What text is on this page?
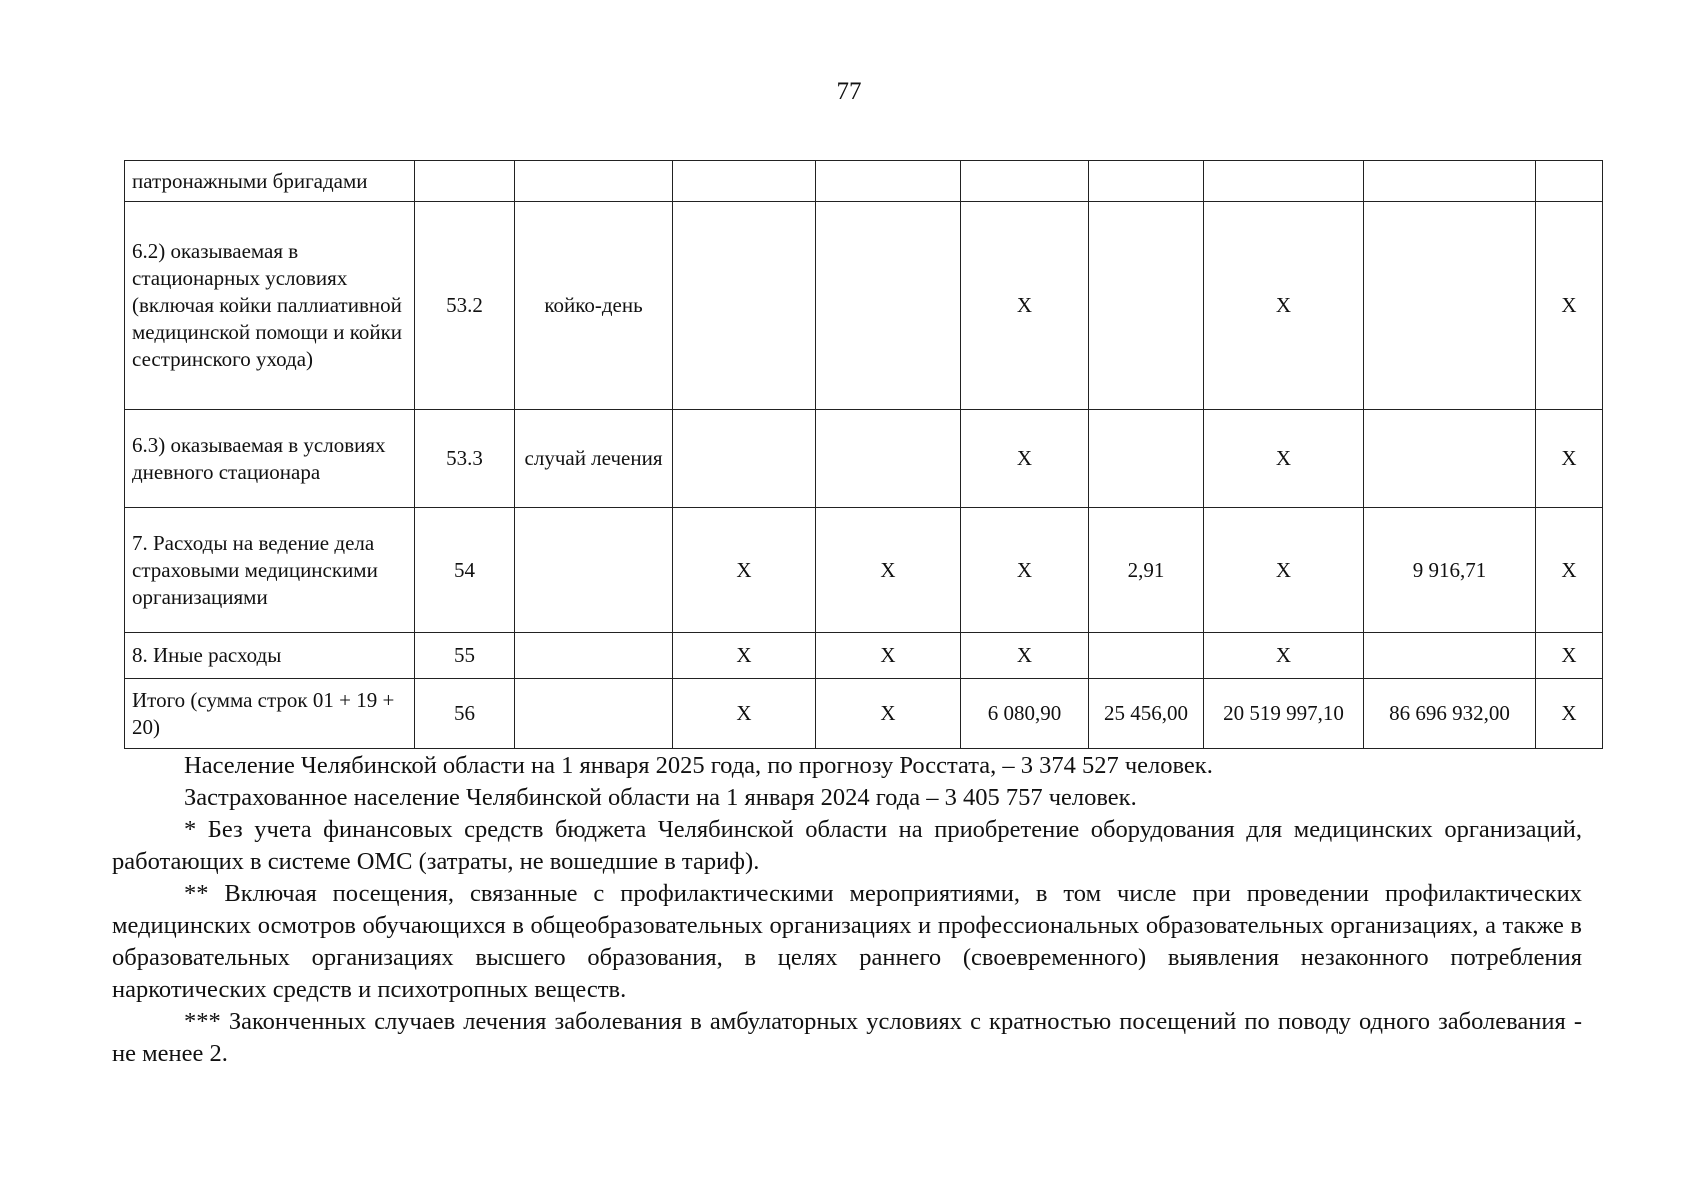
77
патронажными бригадами									
6.2) оказываемая в стационарных условиях (включая койки паллиативной медицинской помощи и койки сестринского ухода)	53.2	койко-день			X		X		X
6.3) оказываемая в условиях дневного стационара	53.3	случай лечения			X		X		X
7. Расходы на ведение дела страховыми медицинскими организациями	54		X	X	X	2,91	X	9 916,71	X
8. Иные расходы	55		X	X	X		X		X
Итого (сумма строк 01 + 19 + 20)	56		X	X	6 080,90	25 456,00	20 519 997,10	86 696 932,00	X

Население Челябинской области на 1 января 2025 года, по прогнозу Росстата, – 3 374 527 человек.

Застрахованное население Челябинской области на 1 января 2024 года – 3 405 757 человек.

* Без учета финансовых средств бюджета Челябинской области на приобретение оборудования для медицинских организаций, работающих в системе ОМС (затраты, не вошедшие в тариф).

** Включая посещения, связанные с профилактическими мероприятиями, в том числе при проведении профилактических медицинских осмотров обучающихся в общеобразовательных организациях и профессиональных образовательных организациях, а также в образовательных организациях высшего образования, в целях раннего (своевременного) выявления незаконного потребления наркотических средств и психотропных веществ.

*** Законченных случаев лечения заболевания в амбулаторных условиях с кратностью посещений по поводу одного заболевания - не менее 2.
